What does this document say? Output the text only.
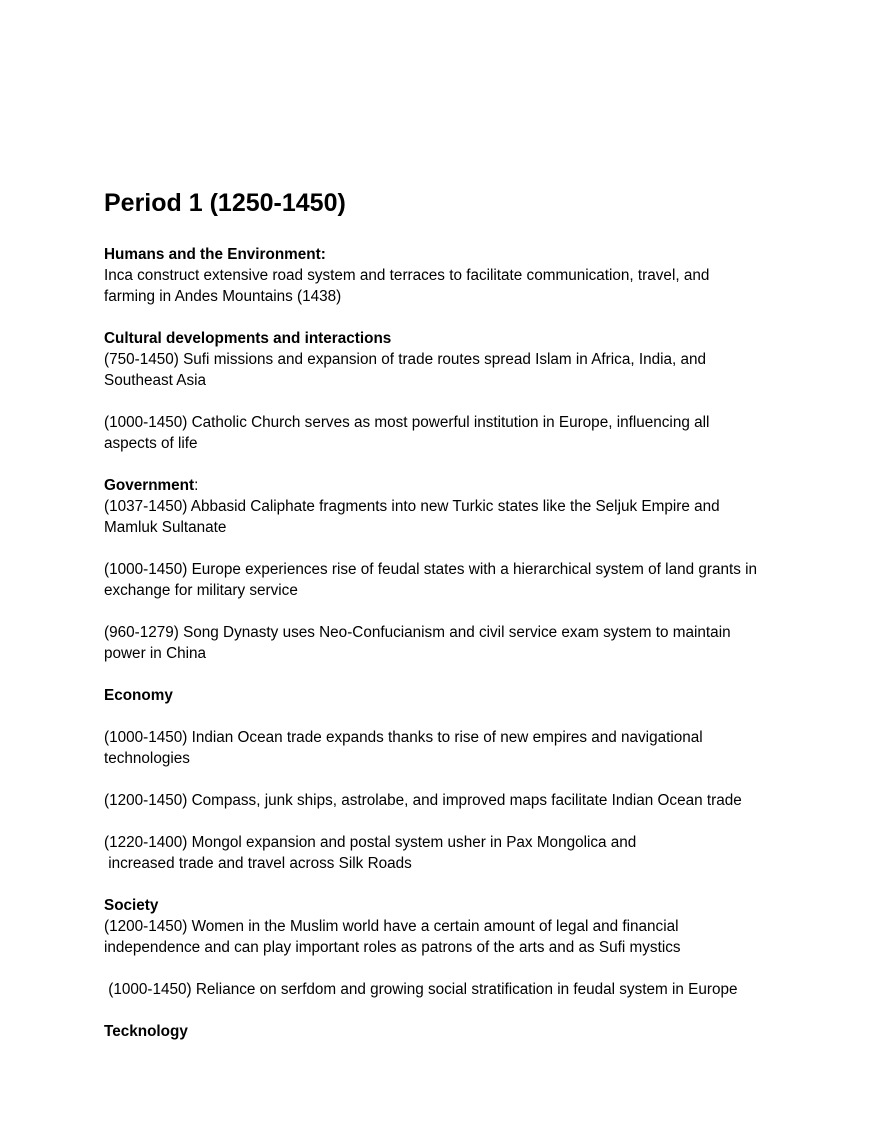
Period 1 (1250-1450)

Humans and the Environment:

Inca construct extensive road system and terraces to facilitate communication, travel, and farming in Andes Mountains (1438)

Cultural developments and interactions

(750-1450) Sufi missions and expansion of trade routes spread Islam in Africa, India, and Southeast Asia

(1000-1450) Catholic Church serves as most powerful institution in Europe, influencing all aspects of life

Government:

(1037-1450) Abbasid Caliphate fragments into new Turkic states like the Seljuk Empire and Mamluk Sultanate

(1000-1450) Europe experiences rise of feudal states with a hierarchical system of land grants in exchange for military service

(960-1279) Song Dynasty uses Neo-Confucianism and civil service exam system to maintain power in China

Economy

(1000-1450) Indian Ocean trade expands thanks to rise of new empires and navigational technologies

(1200-1450) Compass, junk ships, astrolabe, and improved maps facilitate Indian Ocean trade

(1220-1400) Mongol expansion and postal system usher in Pax Mongolica and

increased trade and travel across Silk Roads

Society

(1200-1450) Women in the Muslim world have a certain amount of legal and financial independence and can play important roles as patrons of the arts and as Sufi mystics

(1000-1450) Reliance on serfdom and growing social stratification in feudal system in Europe

Teсknology
